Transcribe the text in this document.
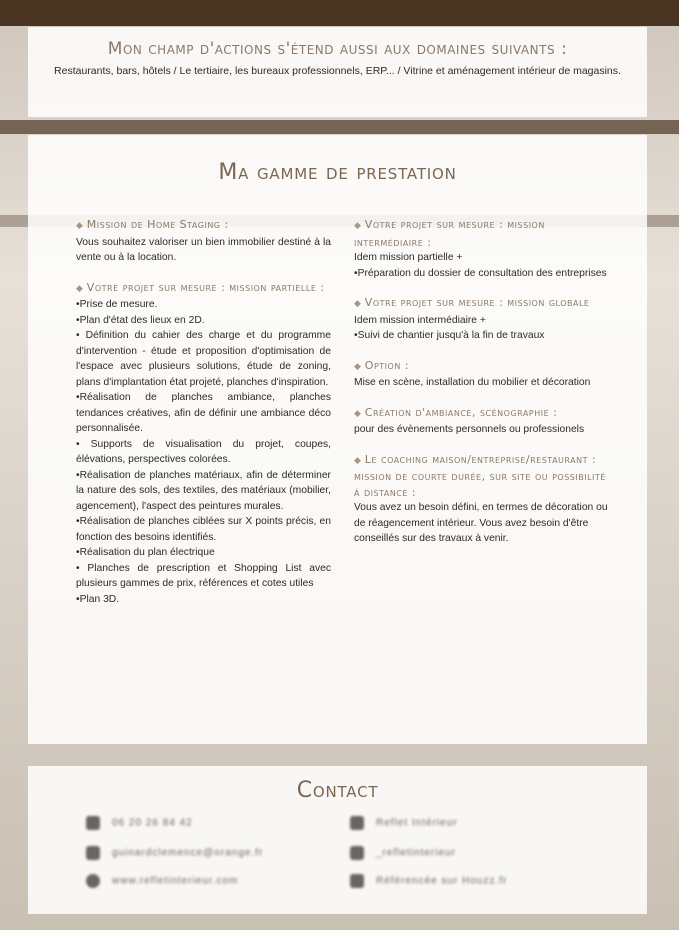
Mon champ d'actions s'étend aussi aux domaines suivants :

Restaurants, bars, hôtels / Le tertiaire, les bureaux professionnels, ERP... / Vitrine et aménagement intérieur de magasins.

Ma gamme de prestation
◆ Mission de Home Staging :
Vous souhaitez valoriser un bien immobilier destiné à la vente ou à la location.
◆ Votre projet sur mesure : mission partielle :
•Prise de mesure.
•Plan d'état des lieux en 2D.
• Définition du cahier des charge et du programme d'intervention - étude et proposition d'optimisation de l'espace avec plusieurs solutions, étude de zoning, plans d'implantation état projeté, planches d'inspiration.
•Réalisation de planches ambiance, planches tendances créatives, afin de définir une ambiance déco personnalisée.
• Supports de visualisation du projet, coupes, élévations, perspectives colorées.
•Réalisation de planches matériaux, afin de déterminer la nature des sols, des textiles, des matériaux (mobilier, agencement), l'aspect des peintures murales.
•Réalisation de planches ciblées sur X points précis, en fonction des besoins identifiés.
•Réalisation du plan électrique
• Planches de prescription et Shopping List avec plusieurs gammes de prix, références et cotes utiles
•Plan 3D.
◆ Votre projet sur mesure : mission intermédiaire :
Idem mission partielle +
•Préparation du dossier de consultation des entreprises
◆ Votre projet sur mesure : mission globale
Idem mission intermédiaire +
•Suivi de chantier jusqu'à la fin de travaux
◆ Option :
Mise en scène, installation du mobilier et décoration
◆ Création d'ambiance, scénographie :
pour des évènements personnels ou professionels
◆ Le coaching maison/entreprise/restaurant : mission de courte durée, sur site ou possibilité à distance :
Vous avez un besoin défini, en termes de décoration ou de réagencement intérieur. Vous avez besoin d'être conseillés sur des travaux à venir.
Contact
06 20 26 84 42
guinardclemence@orange.fr
www.refletinterieur.com
Reflet Intérieur
_refletinterieur
Référencée sur Houzz.fr
